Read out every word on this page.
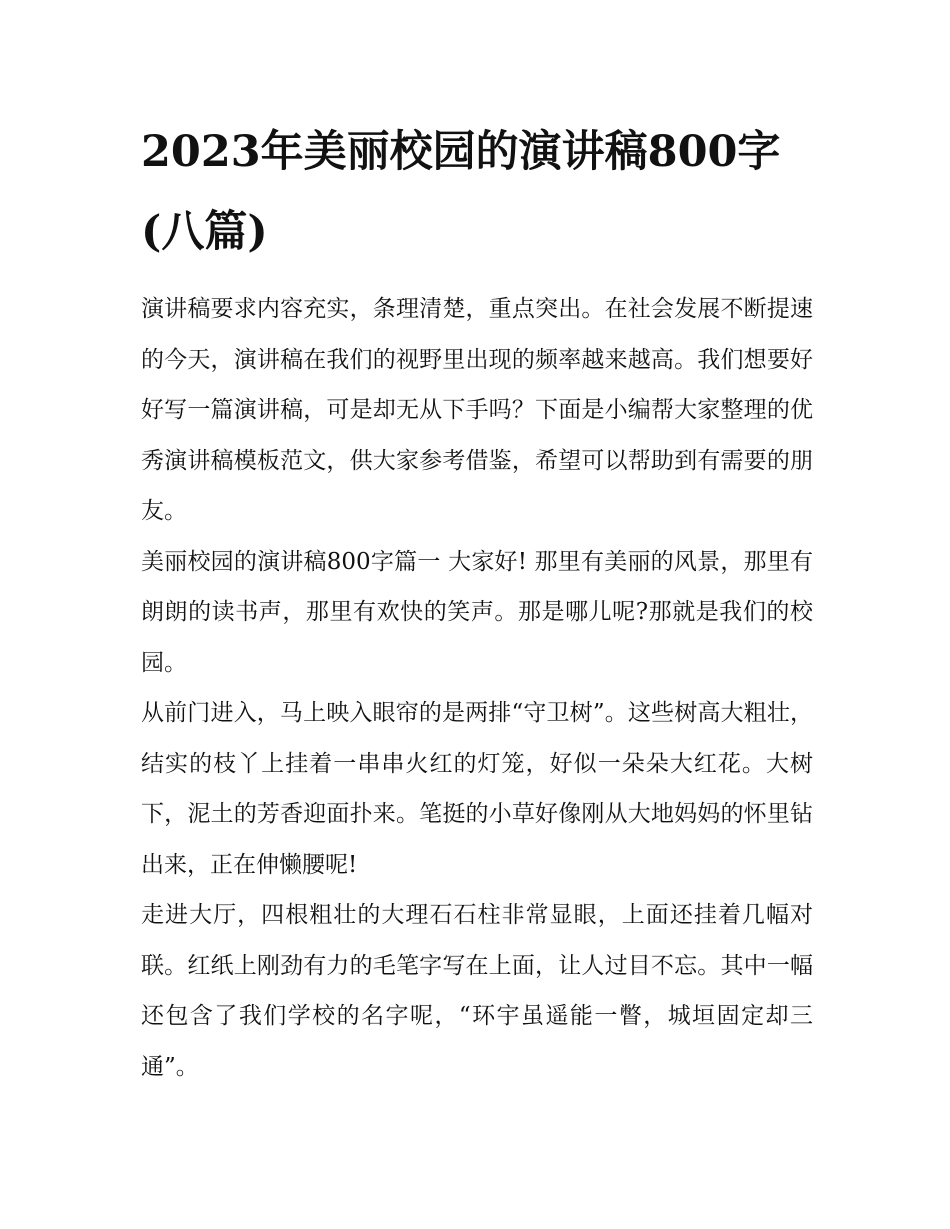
2023年美丽校园的演讲稿800字(八篇)

演讲稿要求内容充实，条理清楚，重点突出。在社会发展不断提速的今天，演讲稿在我们的视野里出现的频率越来越高。我们想要好好写一篇演讲稿，可是却无从下手吗？下面是小编帮大家整理的优秀演讲稿模板范文，供大家参考借鉴，希望可以帮助到有需要的朋友。

美丽校园的演讲稿800字篇一 大家好! 那里有美丽的风景，那里有朗朗的读书声，那里有欢快的笑声。那是哪儿呢?那就是我们的校园。

从前门进入，马上映入眼帘的是两排“守卫树”。这些树高大粗壮，结实的枝丫上挂着一串串火红的灯笼，好似一朵朵大红花。大树下，泥土的芳香迎面扑来。笔挺的小草好像刚从大地妈妈的怀里钻出来，正在伸懒腰呢!

走进大厅，四根粗壮的大理石石柱非常显眼，上面还挂着几幅对联。红纸上刚劲有力的毛笔字写在上面，让人过目不忘。其中一幅还包含了我们学校的名字呢，“环宇虽遥能一瞥，城垣固定却三通”。
